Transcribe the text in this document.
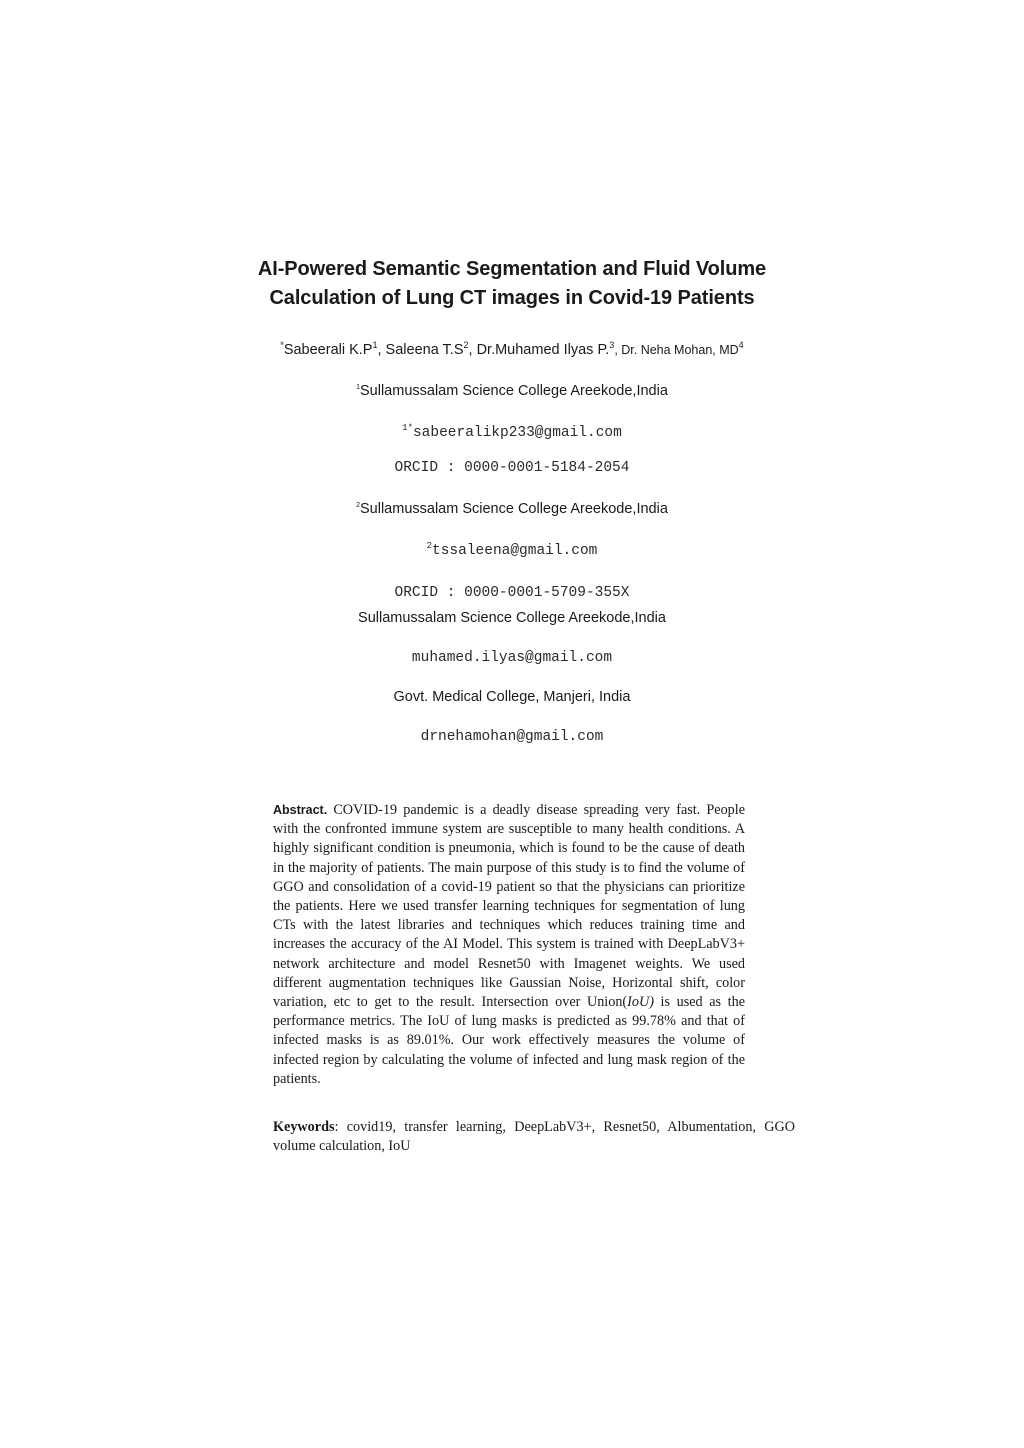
AI-Powered Semantic Segmentation and Fluid Volume
Calculation of Lung CT images in Covid-19 Patients
*Sabeerali $K.P^1$, Saleena $T.S^2$, Dr.Muhamed Ilyas P.$^3$, Dr. Neha Mohan, $MD^4$
$^1$Sullamussalam Science College Areekode,India
$^{1*}$sabeeralikp233@gmail.com
ORCID : 0000-0001-5184-2054
$^2$Sullamussalam Science College Areekode,India
$^2$tssaleena@gmail.com
ORCID : 0000-0001-5709-355X
Sullamussalam Science College Areekode,India
muhamed.ilyas@gmail.com
Govt. Medical College, Manjeri, India
drnehamohan@gmail.com
Abstract. COVID-19 pandemic is a deadly disease spreading very fast. People with the confronted immune system are susceptible to many health conditions. A highly significant condition is pneumonia, which is found to be the cause of death in the majority of patients. The main purpose of this study is to find the volume of GGO and consolidation of a covid-19 patient so that the physicians can prioritize the patients. Here we used transfer learning techniques for segmentation of lung CTs with the latest libraries and techniques which reduces training time and increases the accuracy of the AI Model. This system is trained with DeepLabV3+ network architecture and model Resnet50 with Imagenet weights. We used different augmentation techniques like Gaussian Noise, Horizontal shift, color variation, etc to get to the result. Intersection over Union(IoU) is used as the performance metrics. The IoU of lung masks is predicted as 99.78% and that of infected masks is as 89.01%. Our work effectively measures the volume of infected region by calculating the volume of infected and lung mask region of the patients.
Keywords: covid19, transfer learning, DeepLabV3+, Resnet50, Albumentation, GGO volume calculation, IoU
